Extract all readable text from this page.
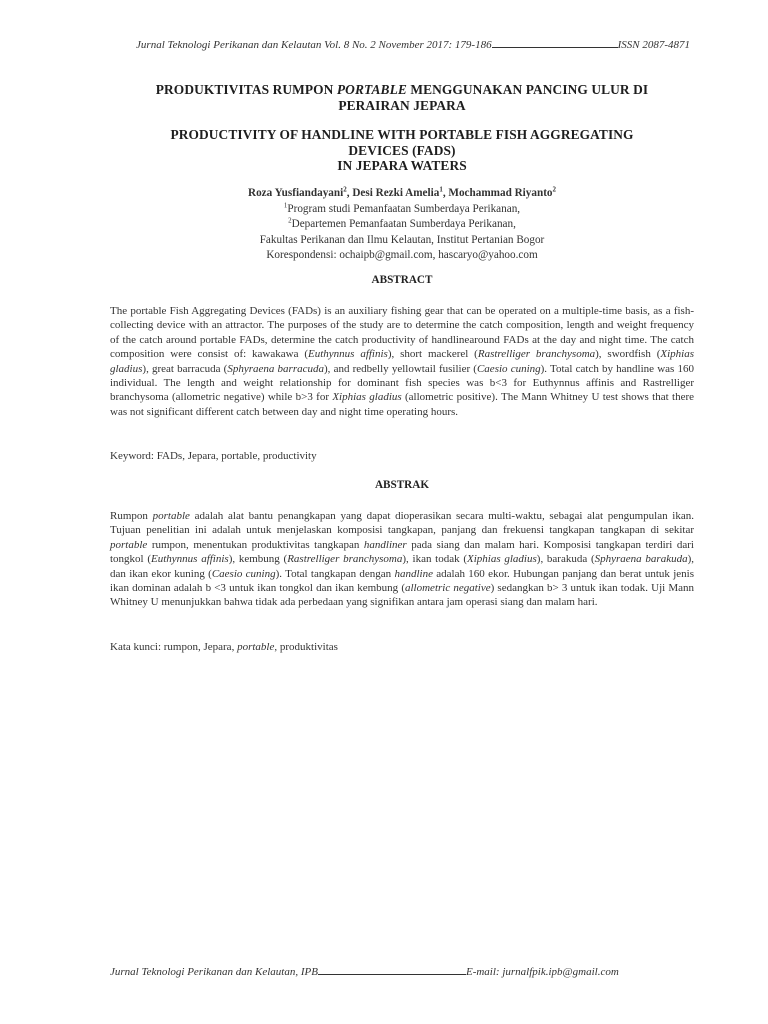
Jurnal Teknologi Perikanan dan Kelautan Vol. 8 No. 2 November 2017: 179-186	ISSN 2087-4871
PRODUKTIVITAS RUMPON PORTABLE MENGGUNAKAN PANCING ULUR DI
PERAIRAN JEPARA
PRODUCTIVITY OF HANDLINE WITH PORTABLE FISH AGGREGATING
DEVICES (FADS)
IN JEPARA WATERS
Roza Yusfiandayani$^2$, Desi Rezki Amelia$^1$, Mochammad Riyanto$^2$
$^1$Program studi Pemanfaatan Sumberdaya Perikanan,
$^2$Departemen Pemanfaatan Sumberdaya Perikanan,
Fakultas Perikanan dan Ilmu Kelautan, Institut Pertanian Bogor
Korespondensi: ochaipb@gmail.com, hascaryo@yahoo.com
ABSTRACT
The portable Fish Aggregating Devices (FADs) is an auxiliary fishing gear that can be operated on a multiple-time basis, as a fish-collecting device with an attractor. The purposes of the study are to determine the catch composition, length and weight frequency of the catch around portable FADs, determine the catch productivity of handlinearound FADs at the day and night time. The catch composition were consist of: kawakawa (Euthynnus affinis), short mackerel (Rastrelliger branchysoma), swordfish (Xiphias gladius), great barracuda (Sphyraena barracuda), and redbelly yellowtail fusilier (Caesio cuning). Total catch by handline was 160 individual. The length and weight relationship for dominant fish species was b<3 for Euthynnus affinis and Rastrelliger branchysoma (allometric negative) while b>3 for Xiphias gladius (allometric positive). The Mann Whitney U test shows that there was not significant different catch between day and night time operating hours.
Keyword: FADs, Jepara, portable, productivity
ABSTRAK
Rumpon portable adalah alat bantu penangkapan yang dapat dioperasikan secara multi-waktu, sebagai alat pengumpulan ikan. Tujuan penelitian ini adalah untuk menjelaskan komposisi tangkapan, panjang dan frekuensi tangkapan tangkapan di sekitar portable rumpon, menentukan produktivitas tangkapan handliner pada siang dan malam hari. Komposisi tangkapan terdiri dari tongkol (Euthynnus affinis), kembung (Rastrelliger branchysoma), ikan todak (Xiphias gladius), barakuda (Sphyraena barakuda), dan ikan ekor kuning (Caesio cuning). Total tangkapan dengan handline adalah 160 ekor. Hubungan panjang dan berat untuk jenis ikan dominan adalah b <3 untuk ikan tongkol dan ikan kembung (allometric negative) sedangkan b> 3 untuk ikan todak. Uji Mann Whitney U menunjukkan bahwa tidak ada perbedaan yang signifikan antara jam operasi siang dan malam hari.
Kata kunci: rumpon, Jepara, portable, produktivitas
Jurnal Teknologi Perikanan dan Kelautan, IPB	E-mail: jurnalfpik.ipb@gmail.com
